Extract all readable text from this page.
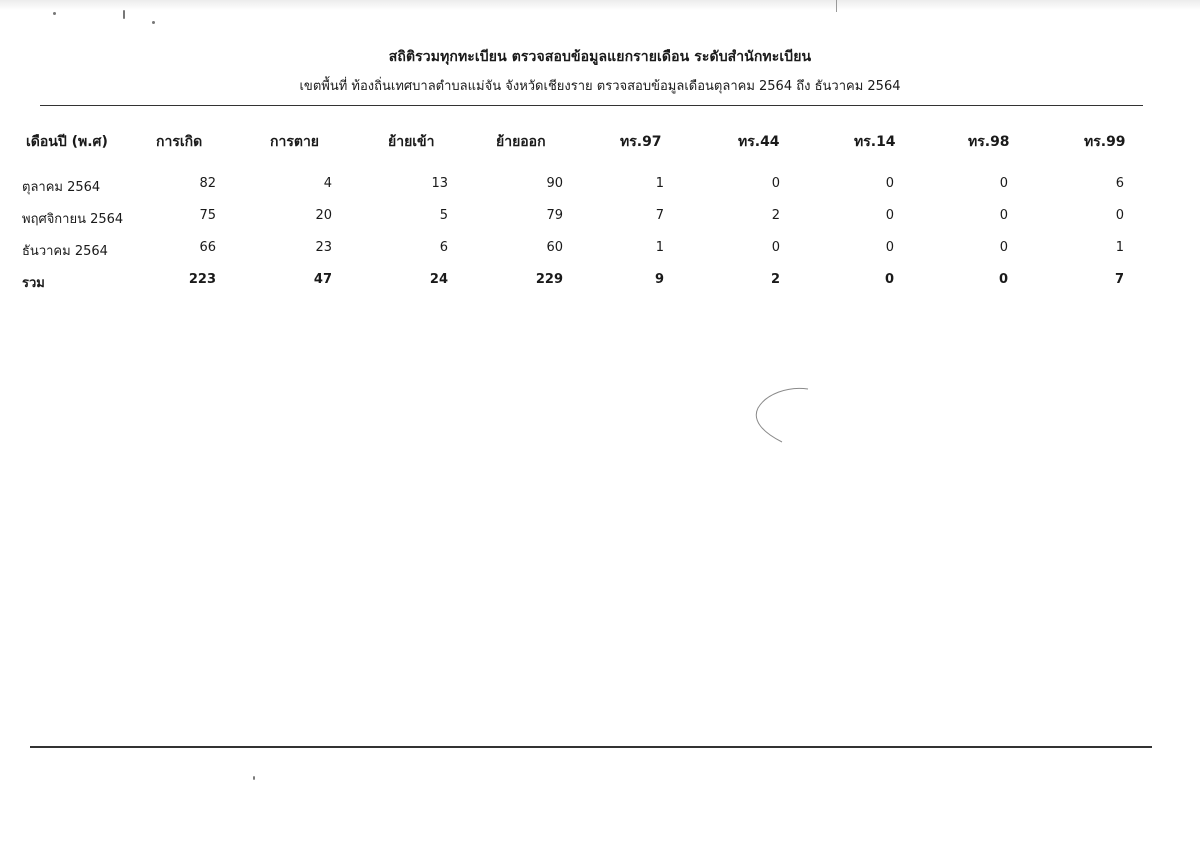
สถิติรวมทุกทะเบียน ตรวจสอบข้อมูลแยกรายเดือน ระดับสำนักทะเบียน
เขตพื้นที่ ท้องถิ่นเทศบาลตำบลแม่จัน จังหวัดเชียงราย ตรวจสอบข้อมูลเดือนตุลาคม 2564 ถึง ธันวาคม 2564
เดือนปี (พ.ศ)	การเกิด	การตาย	ย้ายเข้า	ย้ายออก	ทร.97	ทร.44	ทร.14	ทร.98	ทร.99
ตุลาคม 2564	82	4	13	90	1	0	0	0	6
พฤศจิกายน 2564	75	20	5	79	7	2	0	0	0
ธันวาคม 2564	66	23	6	60	1	0	0	0	1
รวม	223	47	24	229	9	2	0	0	7
